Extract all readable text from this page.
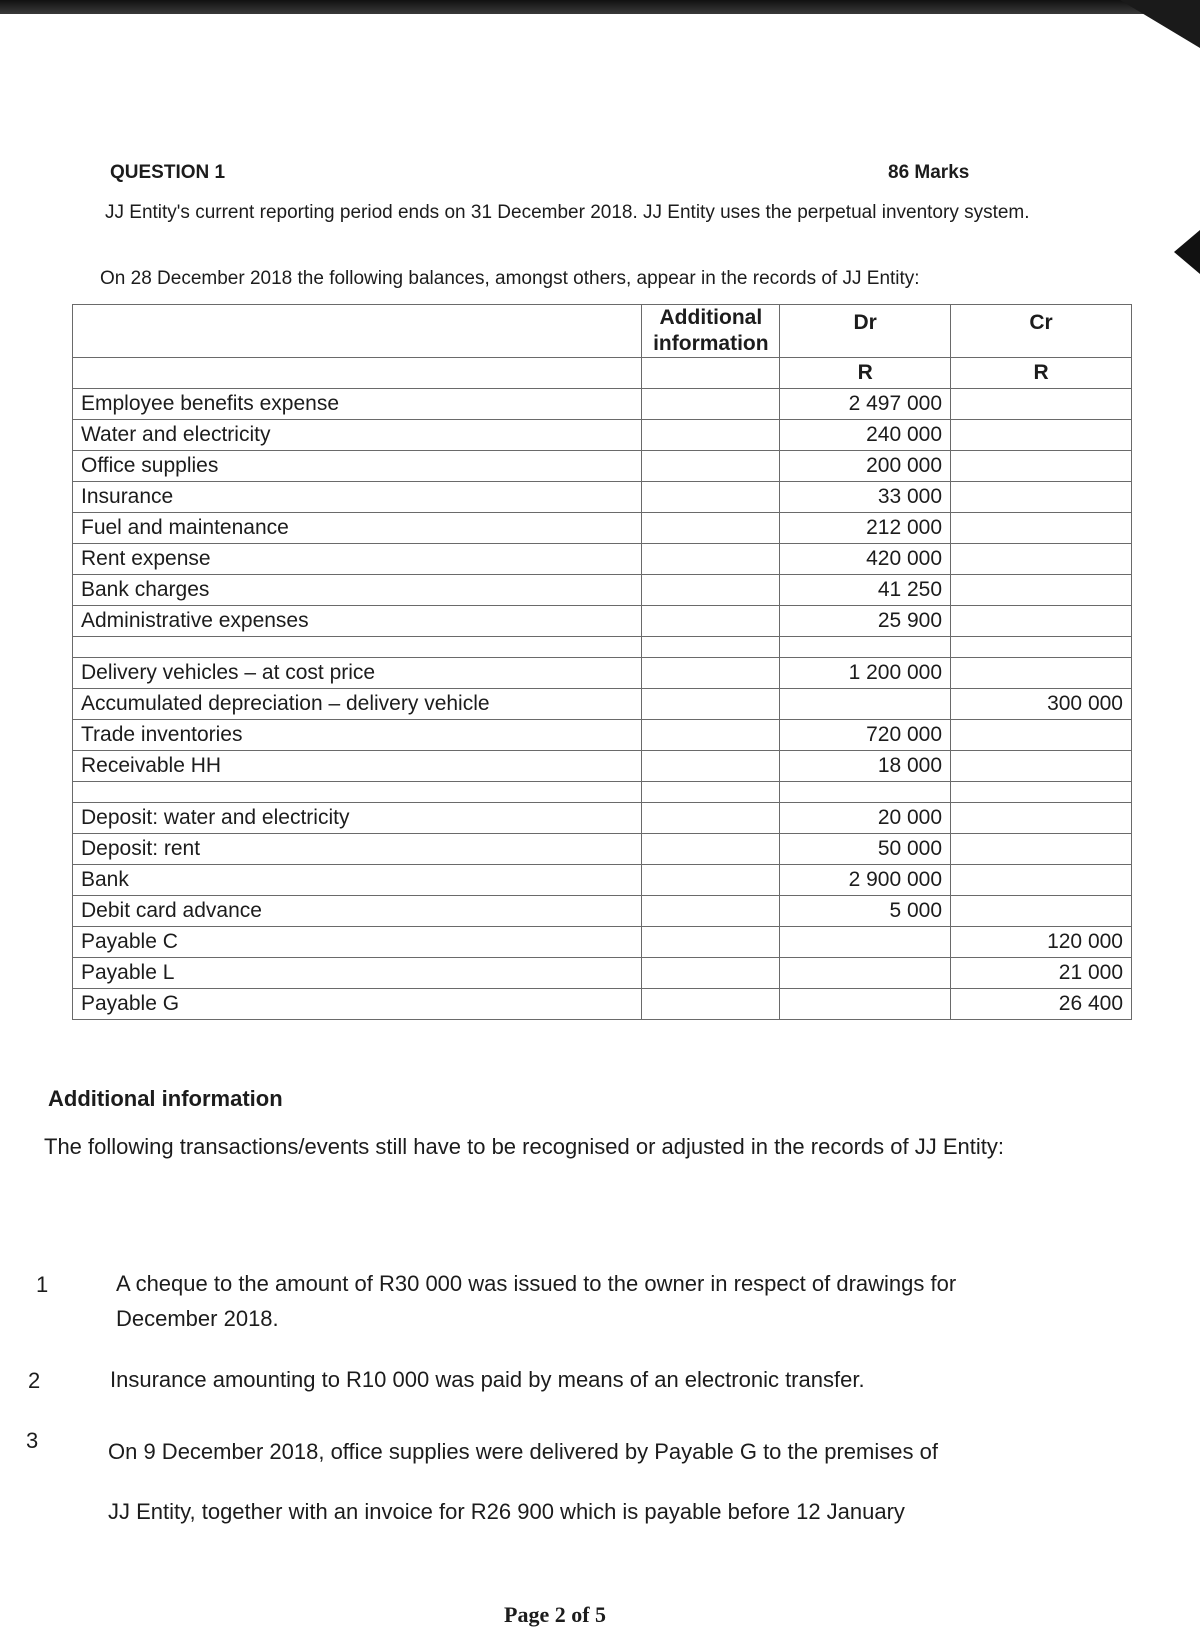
QUESTION 1	86 Marks
JJ Entity's current reporting period ends on 31 December 2018. JJ Entity uses the perpetual inventory system.
On 28 December 2018 the following balances, amongst others, appear in the records of JJ Entity:
	Additional information	Dr	Cr
		R	R
Employee benefits expense		2 497 000	
Water and electricity		240 000	
Office supplies		200 000	
Insurance		33 000	
Fuel and maintenance		212 000	
Rent expense		420 000	
Bank charges		41 250	
Administrative expenses		25 900	

Delivery vehicles – at cost price		1 200 000	
Accumulated depreciation – delivery vehicle			300 000
Trade inventories		720 000	
Receivable HH		18 000	

Deposit: water and electricity		20 000	
Deposit: rent		50 000	
Bank		2 900 000	
Debit card advance		5 000	
Payable C			120 000
Payable L			21 000
Payable G			26 400
Additional information
The following transactions/events still have to be recognised or adjusted in the records of JJ Entity:
1	A cheque to the amount of R30 000 was issued to the owner in respect of drawings for
December 2018.
2	Insurance amounting to R10 000 was paid by means of an electronic transfer.
3	On 9 December 2018, office supplies were delivered by Payable G to the premises of
JJ Entity, together with an invoice for R26 900 which is payable before 12 January
Page 2 of 5
